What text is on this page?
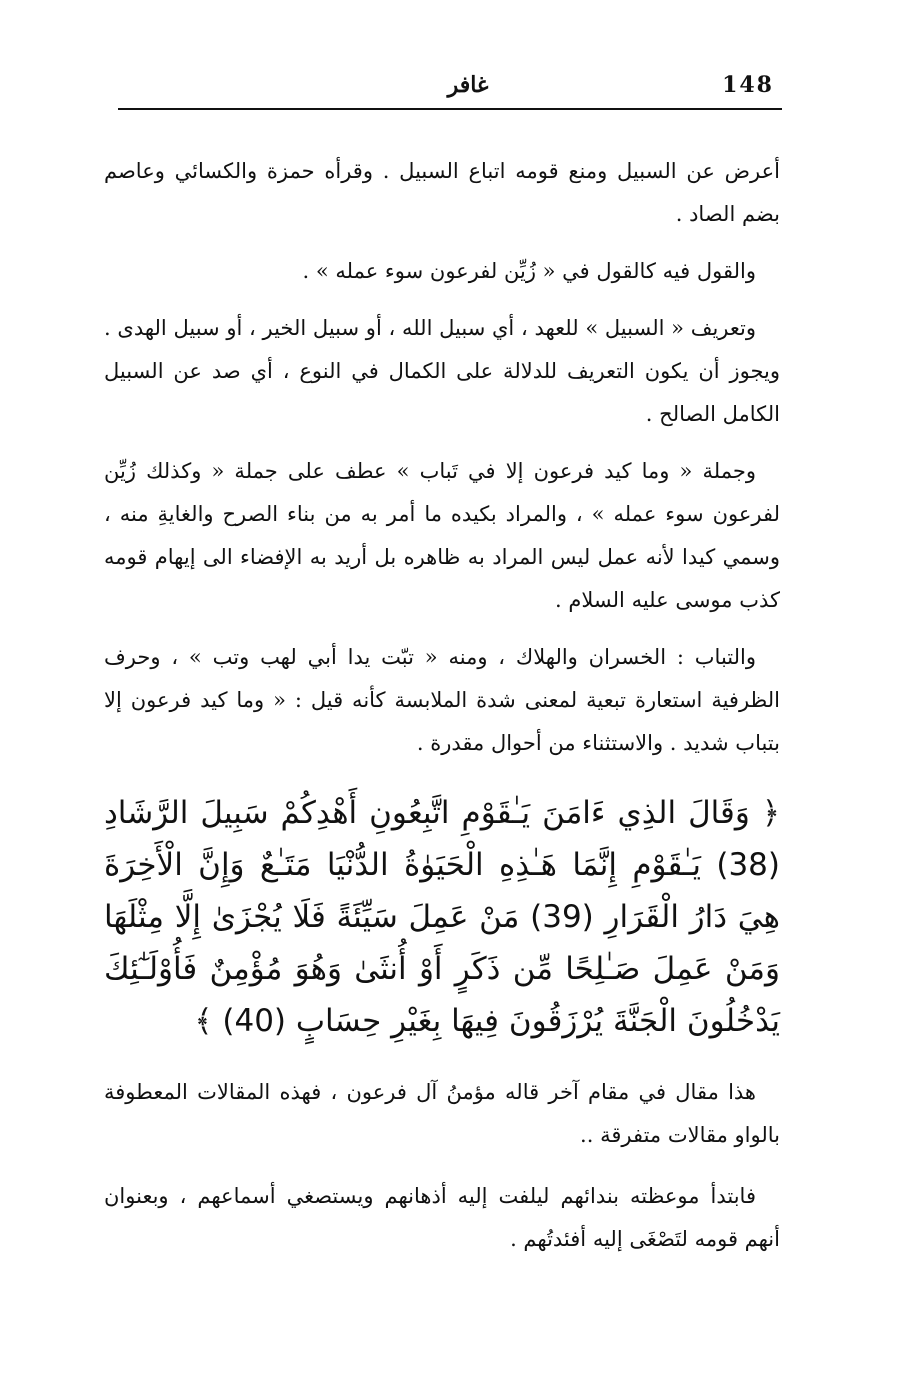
148
غافر

أعرض عن السبيل ومنع قومه اتباع السبيل . وقرأه حمزة والكسائي وعاصم بضم الصاد .

والقول فيه كالقول في « زُيِّن لفرعون سوء عمله » .

وتعريف « السبيل » للعهد ، أي سبيل الله ، أو سبيل الخير ، أو سبيل الهدى . ويجوز أن يكون التعريف للدلالة على الكمال في النوع ، أي صد عن السبيل الكامل الصالح .

وجملة « وما كيد فرعون إلا في تَباب » عطف على جملة « وكذلك زُيِّن لفرعون سوء عمله » ، والمراد بكيده ما أمر به من بناء الصرح والغايةِ منه ، وسمي كيدا لأنه عمل ليس المراد به ظاهره بل أريد به الإفضاء الى إيهام قومه كذب موسى عليه السلام .

والتباب : الخسران والهلاك ، ومنه « تبّت يدا أبي لهب وتب » ، وحرف الظرفية استعارة تبعية لمعنى شدة الملابسة كأنه قيل : « وما كيد فرعون إلا بتباب شديد . والاستثناء من أحوال مقدرة .

﴿ وَقَالَ الذِي ءَامَنَ يَـٰقَوْمِ اتَّبِعُونِ أَهْدِكُمْ سَبِيلَ الرَّشَادِ (38) يَـٰقَوْمِ إِنَّمَا هَـٰذِهِ الْحَيَوٰةُ الدُّنْيَا مَتَـٰعٌ وَإِنَّ الْأَخِرَةَ هِيَ دَارُ الْقَرَارِ (39) مَنْ عَمِلَ سَيِّئَةً فَلَا يُجْزَىٰ إِلَّا مِثْلَهَا وَمَنْ عَمِلَ صَـٰلِحًا مِّن ذَكَرٍ أَوْ أُنثَىٰ وَهُوَ مُؤْمِنٌ فَأُوْلَـٰٓئِكَ يَدْخُلُونَ الْجَنَّةَ يُرْزَقُونَ فِيهَا بِغَيْرِ حِسَابٍ (40) ﴾

هذا مقال في مقام آخر قاله مؤمنُ آل فرعون ، فهذه المقالات المعطوفة بالواو مقالات متفرقة ..

فابتدأ موعظته بندائهم ليلفت إليه أذهانهم ويستصغي أسماعهم ، وبعنوان أنهم قومه لتَصْغَى إليه أفئدتُهم .
